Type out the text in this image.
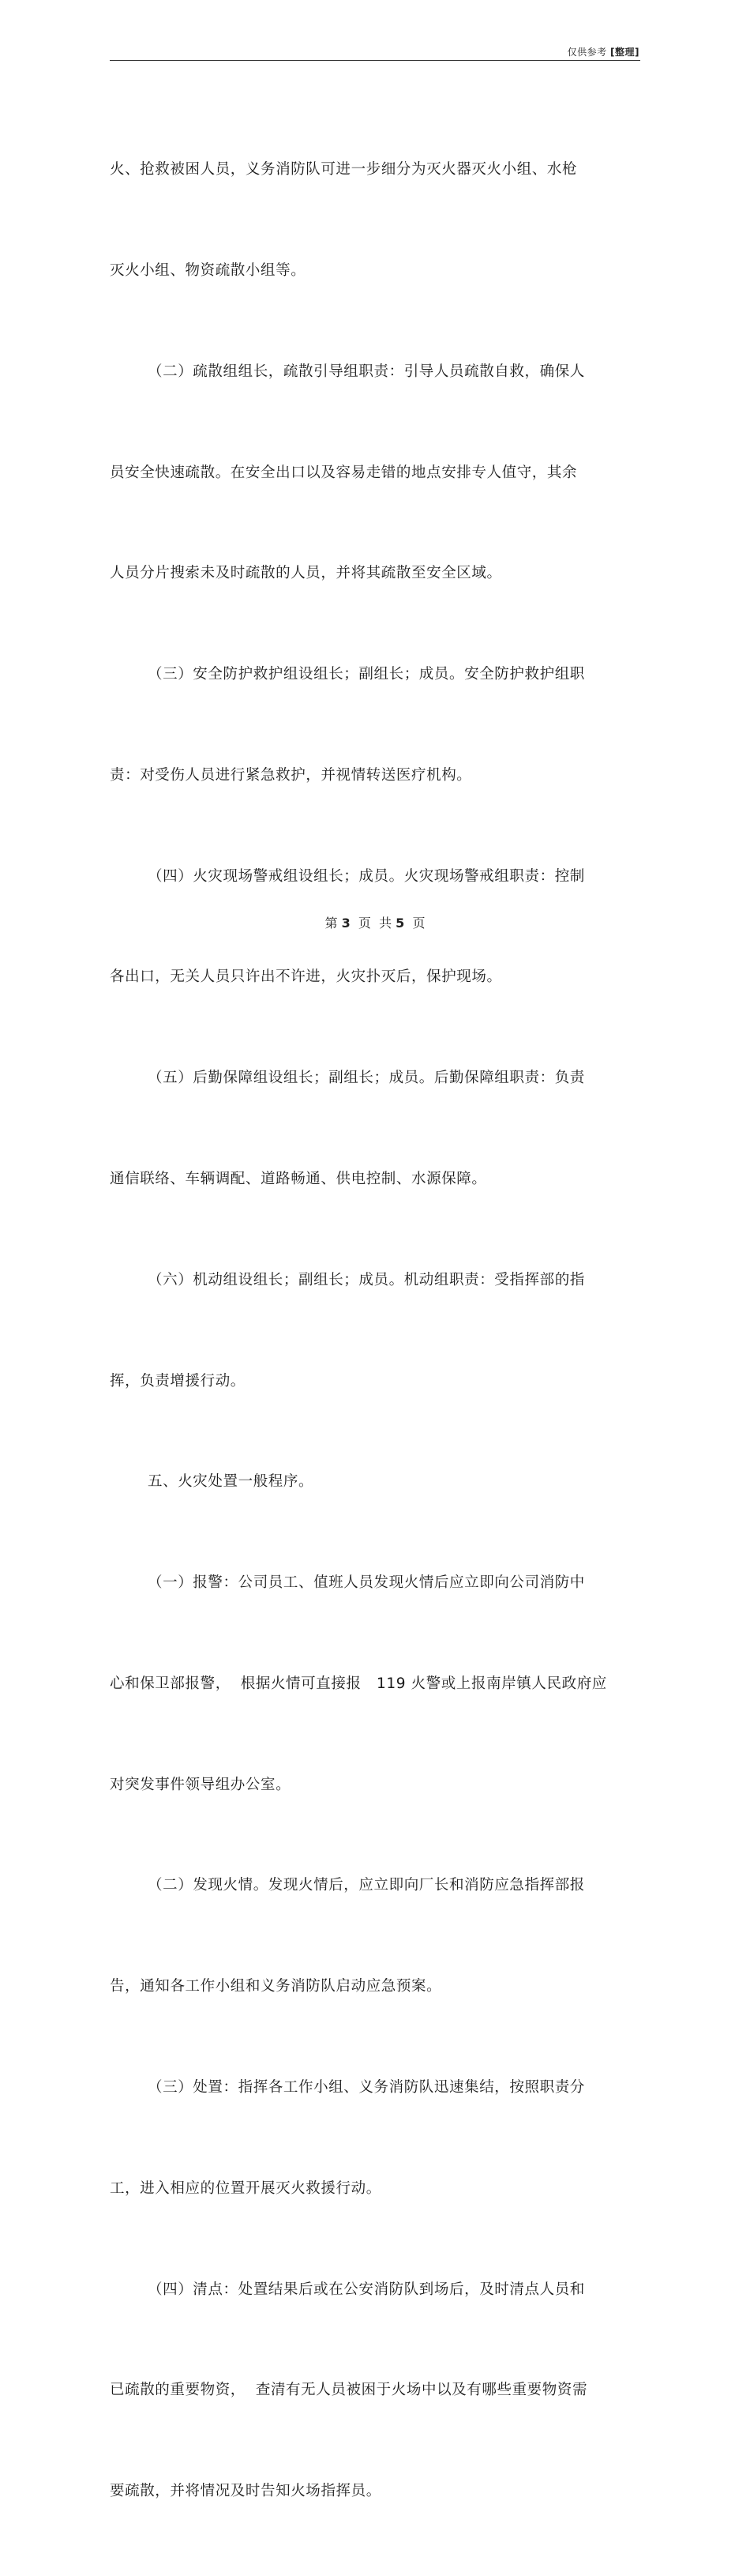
仅供参考 [整理]

火、抢救被困人员，义务消防队可进一步细分为灭火器灭火小组、水枪

灭火小组、物资疏散小组等。

（二）疏散组组长，疏散引导组职责：引导人员疏散自救，确保人

员安全快速疏散。在安全出口以及容易走错的地点安排专人值守，其余

人员分片搜索未及时疏散的人员，并将其疏散至安全区域。

（三）安全防护救护组设组长；副组长；成员。安全防护救护组职

责：对受伤人员进行紧急救护，并视情转送医疗机构。

（四）火灾现场警戒组设组长；成员。火灾现场警戒组职责：控制

各出口，无关人员只许出不许进，火灾扑灭后，保护现场。

（五）后勤保障组设组长；副组长；成员。后勤保障组职责：负责

通信联络、车辆调配、道路畅通、供电控制、水源保障。

（六）机动组设组长；副组长；成员。机动组职责：受指挥部的指

挥，负责增援行动。

五、火灾处置一般程序。

（一）报警：公司员工、值班人员发现火情后应立即向公司消防中

心和保卫部报警，  根据火情可直接报   119 火警或上报南岸镇人民政府应

对突发事件领导组办公室。

（二）发现火情。发现火情后，应立即向厂长和消防应急指挥部报

告，通知各工作小组和义务消防队启动应急预案。

（三）处置：指挥各工作小组、义务消防队迅速集结，按照职责分

工，进入相应的位置开展灭火救援行动。

（四）清点：处置结果后或在公安消防队到场后，及时清点人员和

已疏散的重要物资，  查清有无人员被困于火场中以及有哪些重要物资需

要疏散，并将情况及时告知火场指挥员。

第 3  页  共 5  页
